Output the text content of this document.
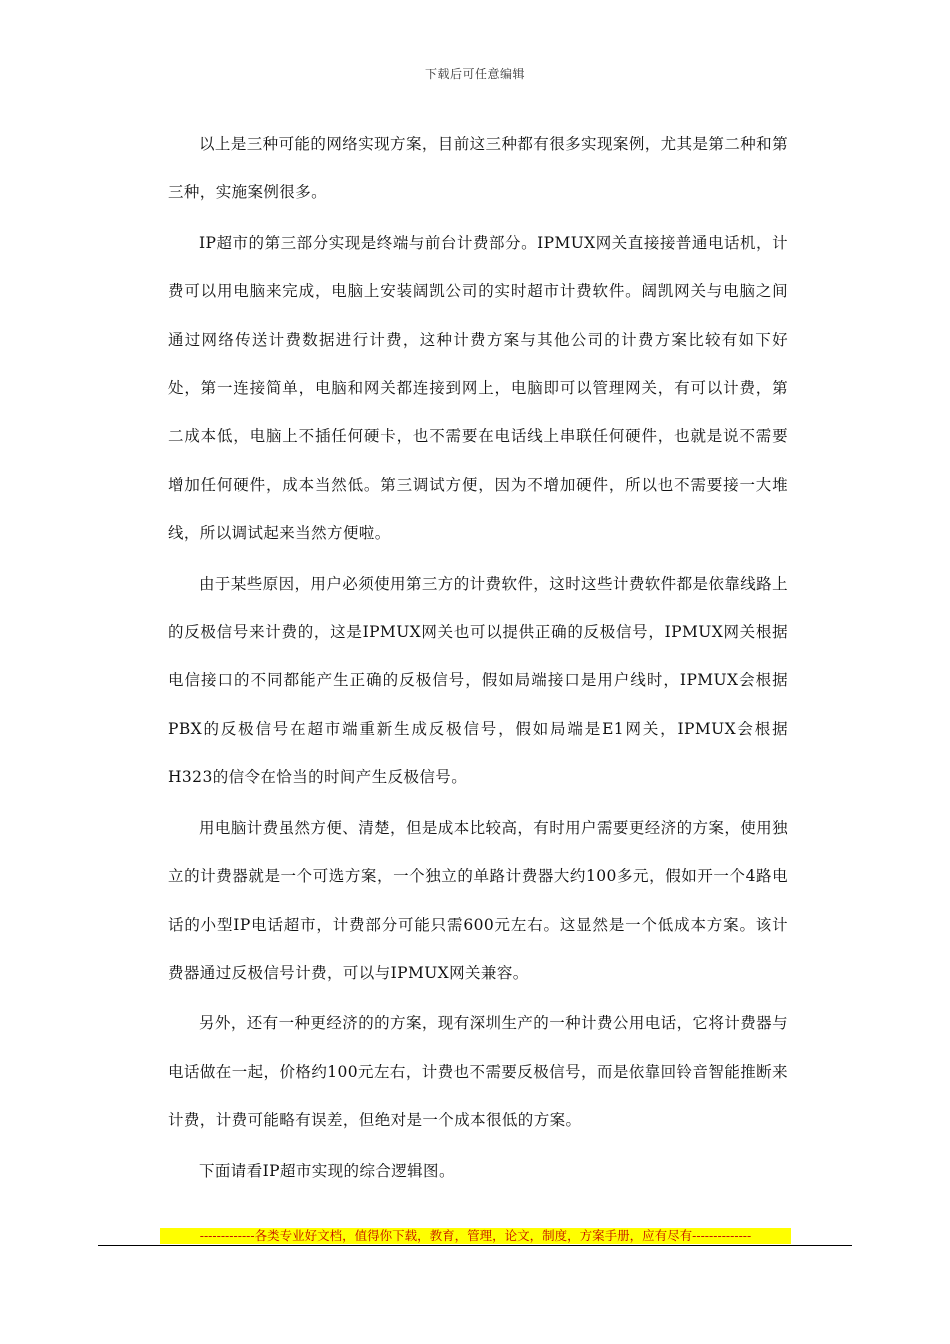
下载后可任意编辑

以上是三种可能的网络实现方案，目前这三种都有很多实现案例，尤其是第二种和第三种，实施案例很多。

IP超市的第三部分实现是终端与前台计费部分。IPMUX网关直接接普通电话机，计费可以用电脑来完成，电脑上安装阔凯公司的实时超市计费软件。阔凯网关与电脑之间通过网络传送计费数据进行计费，这种计费方案与其他公司的计费方案比较有如下好处，第一连接简单，电脑和网关都连接到网上，电脑即可以管理网关，有可以计费，第二成本低，电脑上不插任何硬卡，也不需要在电话线上串联任何硬件，也就是说不需要增加任何硬件，成本当然低。第三调试方便，因为不增加硬件，所以也不需要接一大堆线，所以调试起来当然方便啦。

由于某些原因，用户必须使用第三方的计费软件，这时这些计费软件都是依靠线路上的反极信号来计费的，这是IPMUX网关也可以提供正确的反极信号，IPMUX网关根据电信接口的不同都能产生正确的反极信号，假如局端接口是用户线时，IPMUX会根据PBX的反极信号在超市端重新生成反极信号，假如局端是E1网关，IPMUX会根据H323的信令在恰当的时间产生反极信号。

用电脑计费虽然方便、清楚，但是成本比较高，有时用户需要更经济的方案，使用独立的计费器就是一个可选方案，一个独立的单路计费器大约100多元，假如开一个4路电话的小型IP电话超市，计费部分可能只需600元左右。这显然是一个低成本方案。该计费器通过反极信号计费，可以与IPMUX网关兼容。

另外，还有一种更经济的的方案，现有深圳生产的一种计费公用电话，它将计费器与电话做在一起，价格约100元左右，计费也不需要反极信号，而是依靠回铃音智能推断来计费，计费可能略有误差，但绝对是一个成本很低的方案。

下面请看IP超市实现的综合逻辑图。

-------------各类专业好文档，值得你下载，教育，管理，论文，制度，方案手册，应有尽有--------------
